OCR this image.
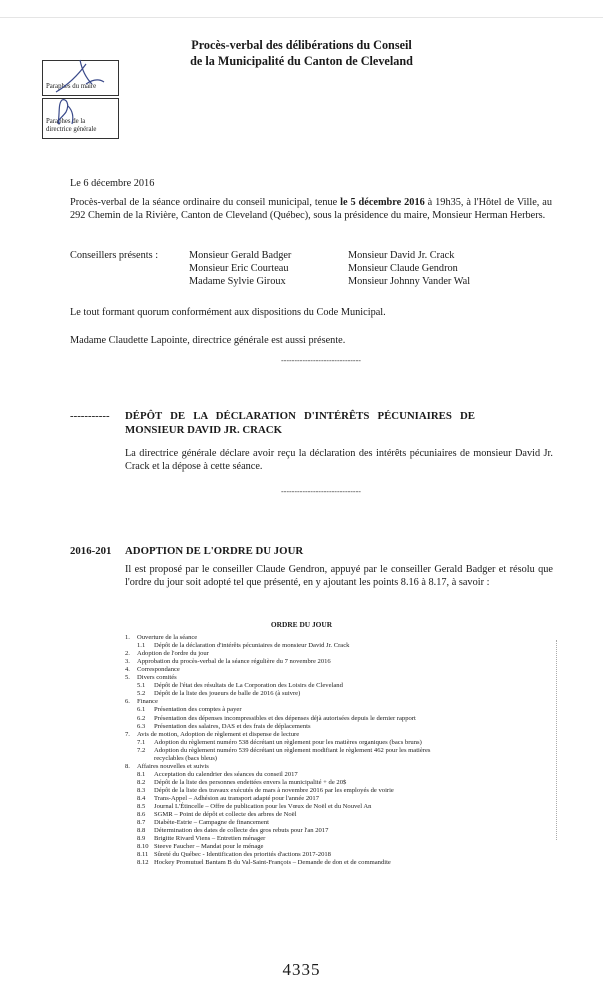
Procès-verbal des délibérations du Conseil
de la Municipalité du Canton de Cleveland
Paraphes du maire
Paraphes de la
directrice générale
Le 6 décembre 2016
Procès-verbal de la séance ordinaire du conseil municipal, tenue le 5 décembre 2016 à 19h35, à l'Hôtel de Ville, au 292 Chemin de la Rivière, Canton de Cleveland (Québec), sous la présidence du maire, Monsieur Herman Herbers.
Conseillers présents :	Monsieur Gerald Badger
Monsieur Eric Courteau
Madame Sylvie Giroux
Monsieur David Jr. Crack
Monsieur Claude Gendron
Monsieur Johnny Vander Wal
Le tout formant quorum conformément aux dispositions du Code Municipal.
Madame Claudette Lapointe, directrice générale est aussi présente.
------------------------------
----------- DÉPÔT   DE   LA   DÉCLARATION   D'INTÉRÊTS   PÉCUNIAIRES   DE
MONSIEUR DAVID JR. CRACK
La directrice générale déclare avoir reçu la déclaration des intérêts pécuniaires de monsieur David Jr. Crack et la dépose à cette séance.
------------------------------
2016-201 ADOPTION DE L'ORDRE DU JOUR
Il est proposé par le conseiller Claude Gendron, appuyé par le conseiller Gerald Badger et résolu que l'ordre du jour soit adopté tel que présenté, en y ajoutant les points 8.16 à 8.17, à savoir :
ORDRE DU JOUR
1. Ouverture de la séance
1.1 Dépôt de la déclaration d'intérêts pécuniaires de monsieur David Jr. Crack
2. Adoption de l'ordre du jour
3. Approbation du procès-verbal de la séance régulière du 7 novembre 2016
4. Correspondance
5. Divers comités
5.1 Dépôt de l'état des résultats de La Corporation des Loisirs de Cleveland
5.2 Dépôt de la liste des joueurs de balle de 2016 (à suivre)
6. Finance
6.1 Présentation des comptes à payer
6.2 Présentation des dépenses incompressibles et des dépenses déjà autorisées depuis le dernier rapport
6.3 Présentation des salaires, DAS et des frais de déplacements
7. Avis de motion, Adoption de règlement et dispense de lecture
7.1 Adoption du règlement numéro 538 décrétant un règlement pour les matières organiques (bacs bruns)
7.2 Adoption du règlement numéro 539 décrétant un règlement modifiant le règlement 462 pour les matières
recyclables (bacs bleus)
8. Affaires nouvelles et suivis
8.1 Acceptation du calendrier des séances du conseil 2017
8.2 Dépôt de la liste des personnes endettées envers la municipalité + de 20$
8.3 Dépôt de la liste des travaux exécutés de mars à novembre 2016 par les employés de voirie
8.4 Trans-Appel – Adhésion au transport adapté pour l'année 2017
8.5 Journal L'Étincelle – Offre de publication pour les Vœux de Noël et du Nouvel An
8.6 SGMR – Point de dépôt et collecte des arbres de Noël
8.7 Diabète-Estrie – Campagne de financement
8.8 Détermination des dates de collecte des gros rebuts pour l'an 2017
8.9 Brigitte Rivard Viens – Entretien ménager
8.10 Steeve Faucher – Mandat pour le ménage
8.11 Sûreté du Québec - Identification des priorités d'actions 2017-2018
8.12 Hockey Promutuel Bantam B du Val-Saint-François – Demande de don et de commandite
4335
